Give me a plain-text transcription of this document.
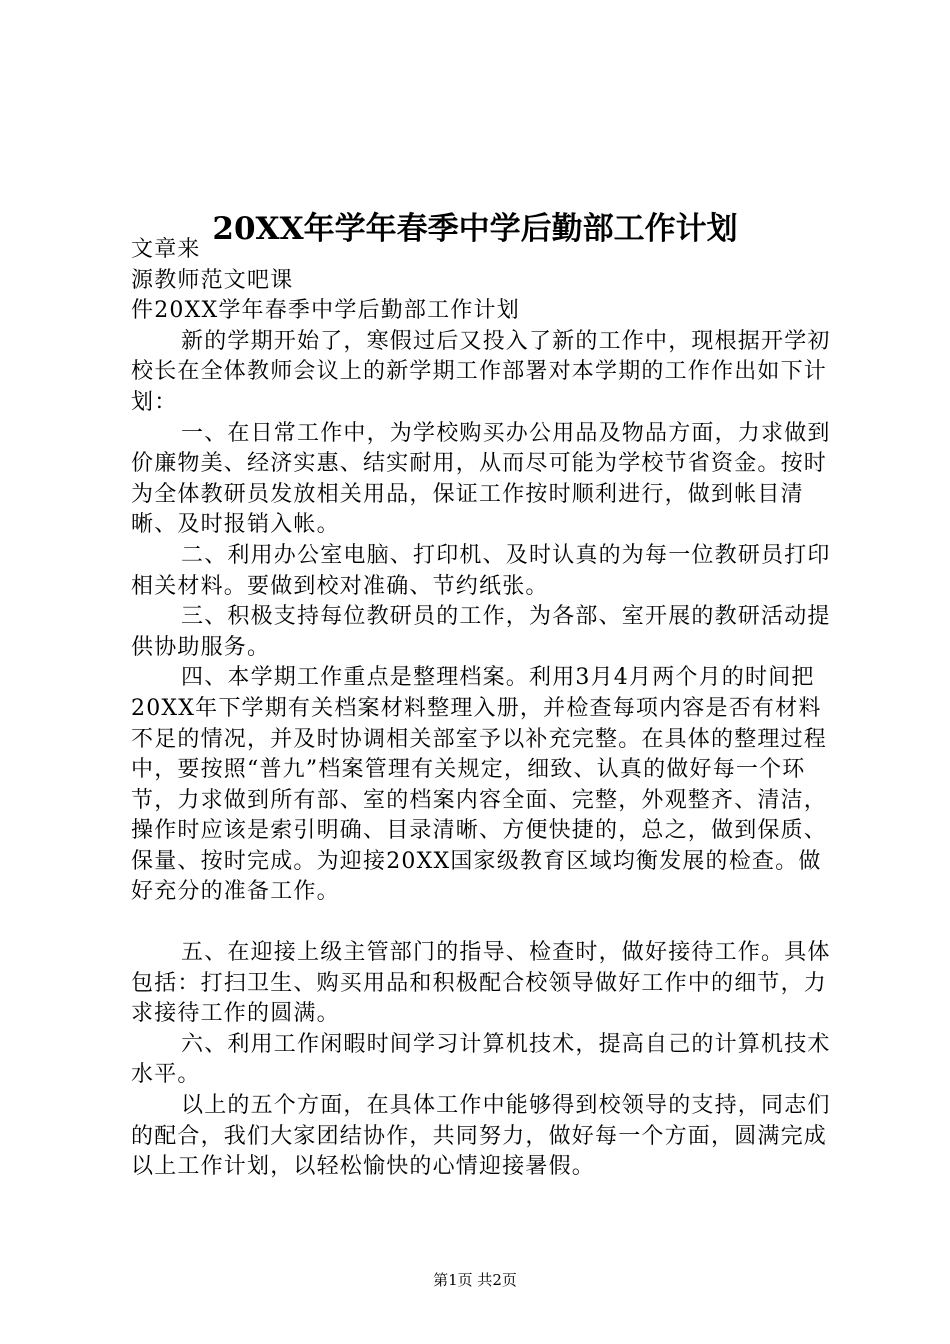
20XX年学年春季中学后勤部工作计划

文章来

源教师范文吧课

件20XX学年春季中学后勤部工作计划

新的学期开始了，寒假过后又投入了新的工作中，现根据开学初校长在全体教师会议上的新学期工作部署对本学期的工作作出如下计划：

一、在日常工作中，为学校购买办公用品及物品方面，力求做到价廉物美、经济实惠、结实耐用，从而尽可能为学校节省资金。按时为全体教研员发放相关用品，保证工作按时顺利进行，做到帐目清晰、及时报销入帐。

二、利用办公室电脑、打印机、及时认真的为每一位教研员打印相关材料。要做到校对准确、节约纸张。

三、积极支持每位教研员的工作，为各部、室开展的教研活动提供协助服务。

四、本学期工作重点是整理档案。利用3月4月两个月的时间把20XX年下学期有关档案材料整理入册，并检查每项内容是否有材料不足的情况，并及时协调相关部室予以补充完整。在具体的整理过程中，要按照“普九”档案管理有关规定，细致、认真的做好每一个环节，力求做到所有部、室的档案内容全面、完整，外观整齐、清洁，操作时应该是索引明确、目录清晰、方便快捷的，总之，做到保质、保量、按时完成。为迎接20XX国家级教育区域均衡发展的检查。做好充分的准备工作。

五、在迎接上级主管部门的指导、检查时，做好接待工作。具体包括：打扫卫生、购买用品和积极配合校领导做好工作中的细节，力求接待工作的圆满。

六、利用工作闲暇时间学习计算机技术，提高自己的计算机技术水平。

以上的五个方面，在具体工作中能够得到校领导的支持，同志们的配合，我们大家团结协作，共同努力，做好每一个方面，圆满完成以上工作计划，以轻松愉快的心情迎接暑假。

第1页 共2页
